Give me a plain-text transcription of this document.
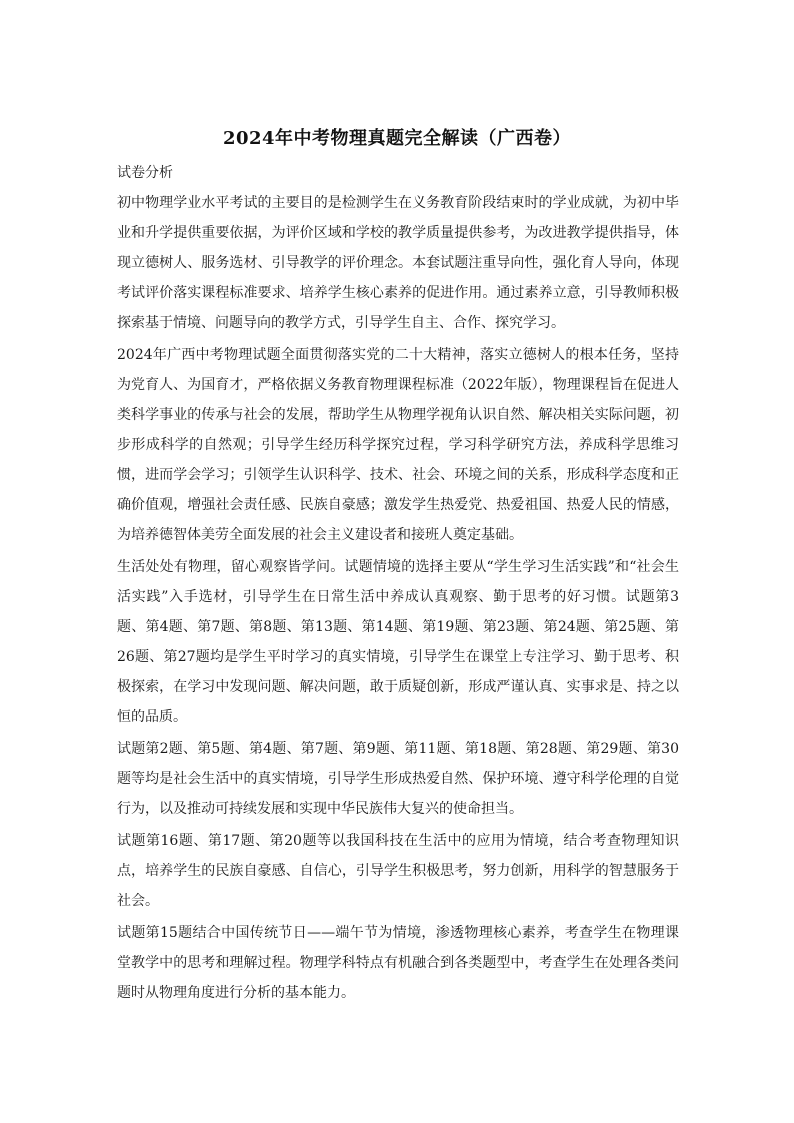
2024年中考物理真题完全解读（广西卷）
试卷分析

初中物理学业水平考试的主要目的是检测学生在义务教育阶段结束时的学业成就，为初中毕业和升学提供重要依据，为评价区域和学校的教学质量提供参考，为改进教学提供指导，体现立德树人、服务选材、引导教学的评价理念。本套试题注重导向性，强化育人导向，体现考试评价落实课程标准要求、培养学生核心素养的促进作用。通过素养立意，引导教师积极探索基于情境、问题导向的教学方式，引导学生自主、合作、探究学习。

2024年广西中考物理试题全面贯彻落实党的二十大精神，落实立德树人的根本任务，坚持为党育人、为国育才，严格依据义务教育物理课程标准（2022年版），物理课程旨在促进人类科学事业的传承与社会的发展，帮助学生从物理学视角认识自然、解决相关实际问题，初步形成科学的自然观；引导学生经历科学探究过程，学习科学研究方法，养成科学思维习惯，进而学会学习；引领学生认识科学、技术、社会、环境之间的关系，形成科学态度和正确价值观，增强社会责任感、民族自豪感；激发学生热爱党、热爱祖国、热爱人民的情感，为培养德智体美劳全面发展的社会主义建设者和接班人奠定基础。

生活处处有物理，留心观察皆学问。试题情境的选择主要从“学生学习生活实践”和“社会生活实践”入手选材，引导学生在日常生活中养成认真观察、勤于思考的好习惯。试题第3题、第4题、第7题、第8题、第13题、第14题、第19题、第23题、第24题、第25题、第26题、第27题均是学生平时学习的真实情境，引导学生在课堂上专注学习、勤于思考、积极探索，在学习中发现问题、解决问题，敢于质疑创新，形成严谨认真、实事求是、持之以恒的品质。

试题第2题、第5题、第4题、第7题、第9题、第11题、第18题、第28题、第29题、第30题等均是社会生活中的真实情境，引导学生形成热爱自然、保护环境、遵守科学伦理的自觉行为，以及推动可持续发展和实现中华民族伟大复兴的使命担当。

试题第16题、第17题、第20题等以我国科技在生活中的应用为情境，结合考查物理知识点，培养学生的民族自豪感、自信心，引导学生积极思考，努力创新，用科学的智慧服务于社会。

试题第15题结合中国传统节日——端午节为情境，渗透物理核心素养，考查学生在物理课堂教学中的思考和理解过程。物理学科特点有机融合到各类题型中，考查学生在处理各类问题时从物理角度进行分析的基本能力。
